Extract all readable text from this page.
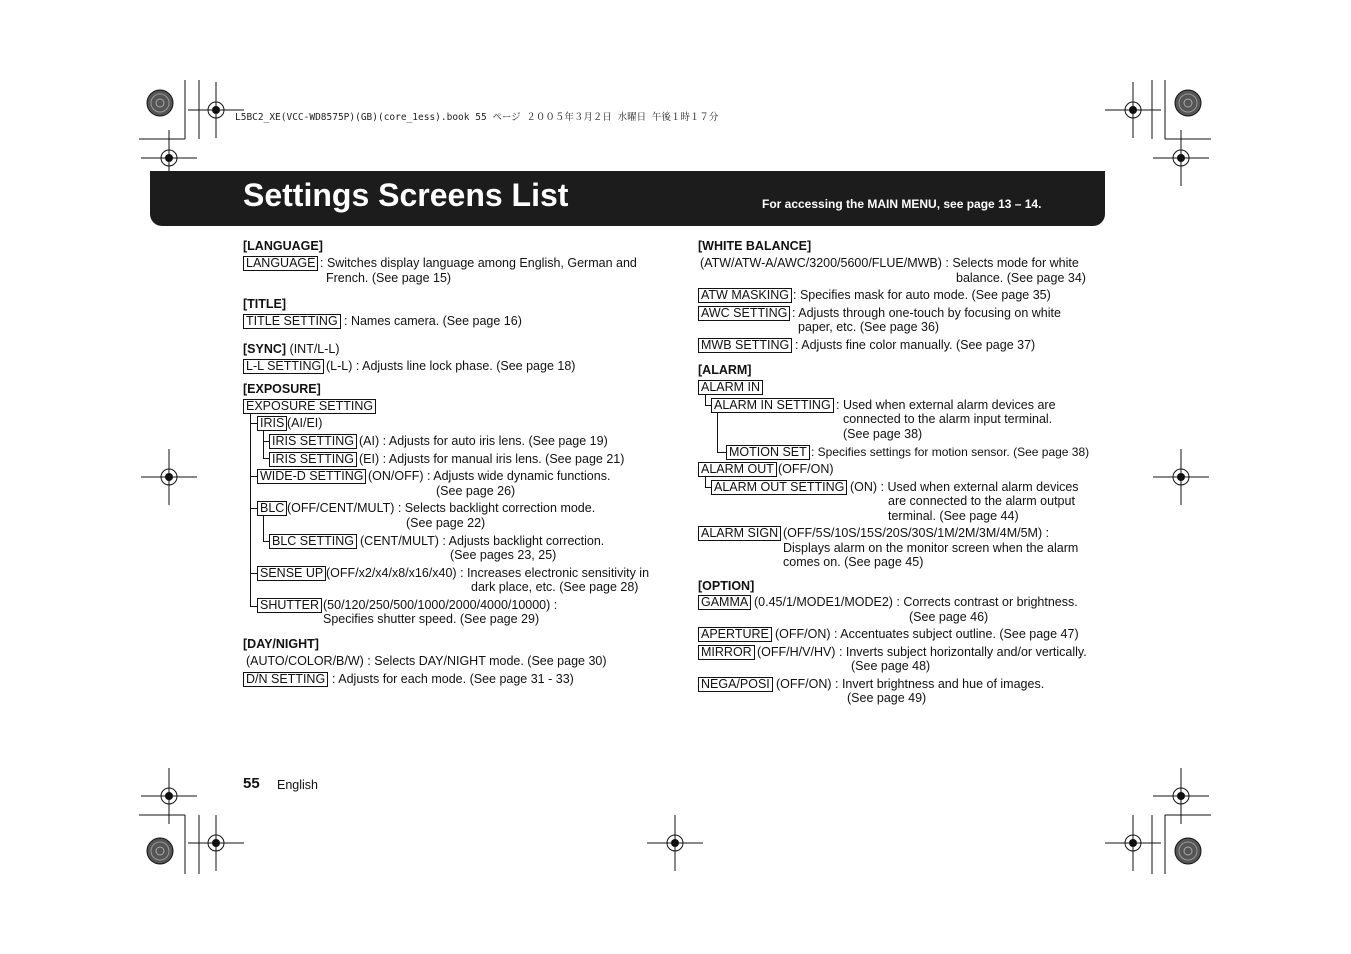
L5BC2_XE(VCC-WD8575P)(GB)(core_1ess).book 55 ページ ２００５年３月２日 水曜日 午後１時１７分
Settings Screens List	For accessing the MAIN MENU, see page 13 – 14.
[LANGUAGE]
LANGUAGE : Switches display language among English, German and
French. (See page 15)
[TITLE]
TITLE SETTING : Names camera. (See page 16)
[SYNC] (INT/L-L)
L-L SETTING (L-L) : Adjusts line lock phase. (See page 18)
[EXPOSURE]
EXPOSURE SETTING
IRIS (AI/EI)
IRIS SETTING (AI) : Adjusts for auto iris lens. (See page 19)
IRIS SETTING (EI) : Adjusts for manual iris lens. (See page 21)
WIDE-D SETTING (ON/OFF) : Adjusts wide dynamic functions.
(See page 26)
BLC (OFF/CENT/MULT) : Selects backlight correction mode.
(See page 22)
BLC SETTING (CENT/MULT) : Adjusts backlight correction.
(See pages 23, 25)
SENSE UP (OFF/x2/x4/x8/x16/x40) : Increases electronic sensitivity in
dark place, etc. (See page 28)
SHUTTER (50/120/250/500/1000/2000/4000/10000) :
Specifies shutter speed. (See page 29)
[DAY/NIGHT]
(AUTO/COLOR/B/W) : Selects DAY/NIGHT mode. (See page 30)
D/N SETTING : Adjusts for each mode. (See page 31 - 33)
[WHITE BALANCE]
(ATW/ATW-A/AWC/3200/5600/FLUE/MWB) : Selects mode for white
balance. (See page 34)
ATW MASKING : Specifies mask for auto mode. (See page 35)
AWC SETTING : Adjusts through one-touch by focusing on white
paper, etc. (See page 36)
MWB SETTING : Adjusts fine color manually. (See page 37)
[ALARM]
ALARM IN
ALARM IN SETTING : Used when external alarm devices are
connected to the alarm input terminal.
(See page 38)
MOTION SET : Specifies settings for motion sensor. (See page 38)
ALARM OUT (OFF/ON)
ALARM OUT SETTING (ON) : Used when external alarm devices
are connected to the alarm output
terminal. (See page 44)
ALARM SIGN (OFF/5S/10S/15S/20S/30S/1M/2M/3M/4M/5M) :
Displays alarm on the monitor screen when the alarm
comes on. (See page 45)
[OPTION]
GAMMA (0.45/1/MODE1/MODE2) : Corrects contrast or brightness.
(See page 46)
APERTURE (OFF/ON) : Accentuates subject outline. (See page 47)
MIRROR (OFF/H/V/HV) : Inverts subject horizontally and/or vertically.
(See page 48)
NEGA/POSI (OFF/ON) : Invert brightness and hue of images.
(See page 49)
55 English
